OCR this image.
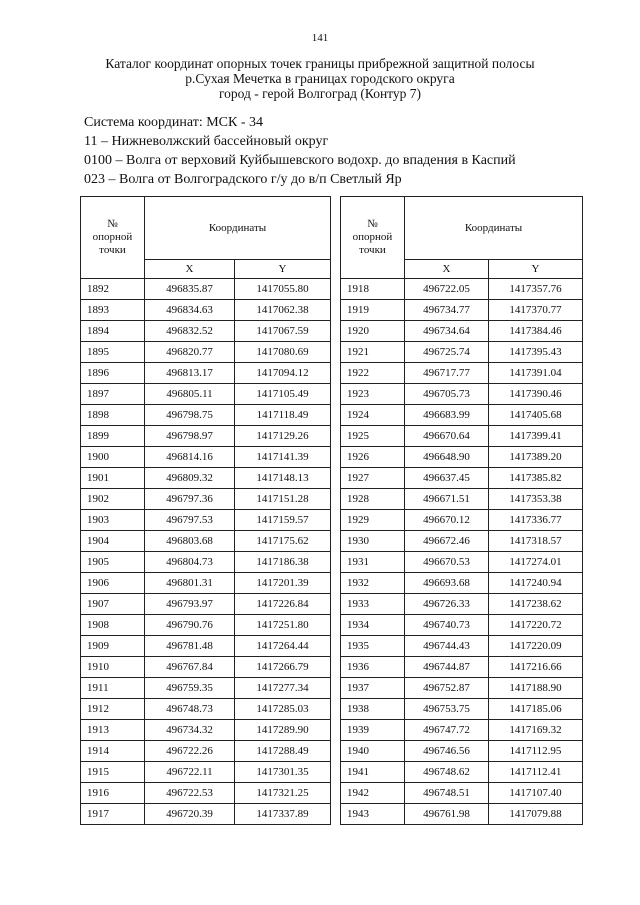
141
Каталог координат опорных точек границы прибрежной защитной полосы
р.Сухая Мечетка в границах городского округа
город - герой Волгоград (Контур 7)
Система координат: МСК - 34
11 – Нижневолжский бассейновый округ
0100 – Волга от верховий Куйбышевского водохр. до впадения в Каспий
023 – Волга от Волгоградского г/у до в/п Светлый Яр
№
опорной
точки	Координаты	
	X	Y
1892	496835.87	1417055.80
1893	496834.63	1417062.38
1894	496832.52	1417067.59
1895	496820.77	1417080.69
1896	496813.17	1417094.12
1897	496805.11	1417105.49
1898	496798.75	1417118.49
1899	496798.97	1417129.26
1900	496814.16	1417141.39
1901	496809.32	1417148.13
1902	496797.36	1417151.28
1903	496797.53	1417159.57
1904	496803.68	1417175.62
1905	496804.73	1417186.38
1906	496801.31	1417201.39
1907	496793.97	1417226.84
1908	496790.76	1417251.80
1909	496781.48	1417264.44
1910	496767.84	1417266.79
1911	496759.35	1417277.34
1912	496748.73	1417285.03
1913	496734.32	1417289.90
1914	496722.26	1417288.49
1915	496722.11	1417301.35
1916	496722.53	1417321.25
1917	496720.39	1417337.89
№
опорной
точки	Координаты	
	X	Y
1918	496722.05	1417357.76
1919	496734.77	1417370.77
1920	496734.64	1417384.46
1921	496725.74	1417395.43
1922	496717.77	1417391.04
1923	496705.73	1417390.46
1924	496683.99	1417405.68
1925	496670.64	1417399.41
1926	496648.90	1417389.20
1927	496637.45	1417385.82
1928	496671.51	1417353.38
1929	496670.12	1417336.77
1930	496672.46	1417318.57
1931	496670.53	1417274.01
1932	496693.68	1417240.94
1933	496726.33	1417238.62
1934	496740.73	1417220.72
1935	496744.43	1417220.09
1936	496744.87	1417216.66
1937	496752.87	1417188.90
1938	496753.75	1417185.06
1939	496747.72	1417169.32
1940	496746.56	1417112.95
1941	496748.62	1417112.41
1942	496748.51	1417107.40
1943	496761.98	1417079.88
